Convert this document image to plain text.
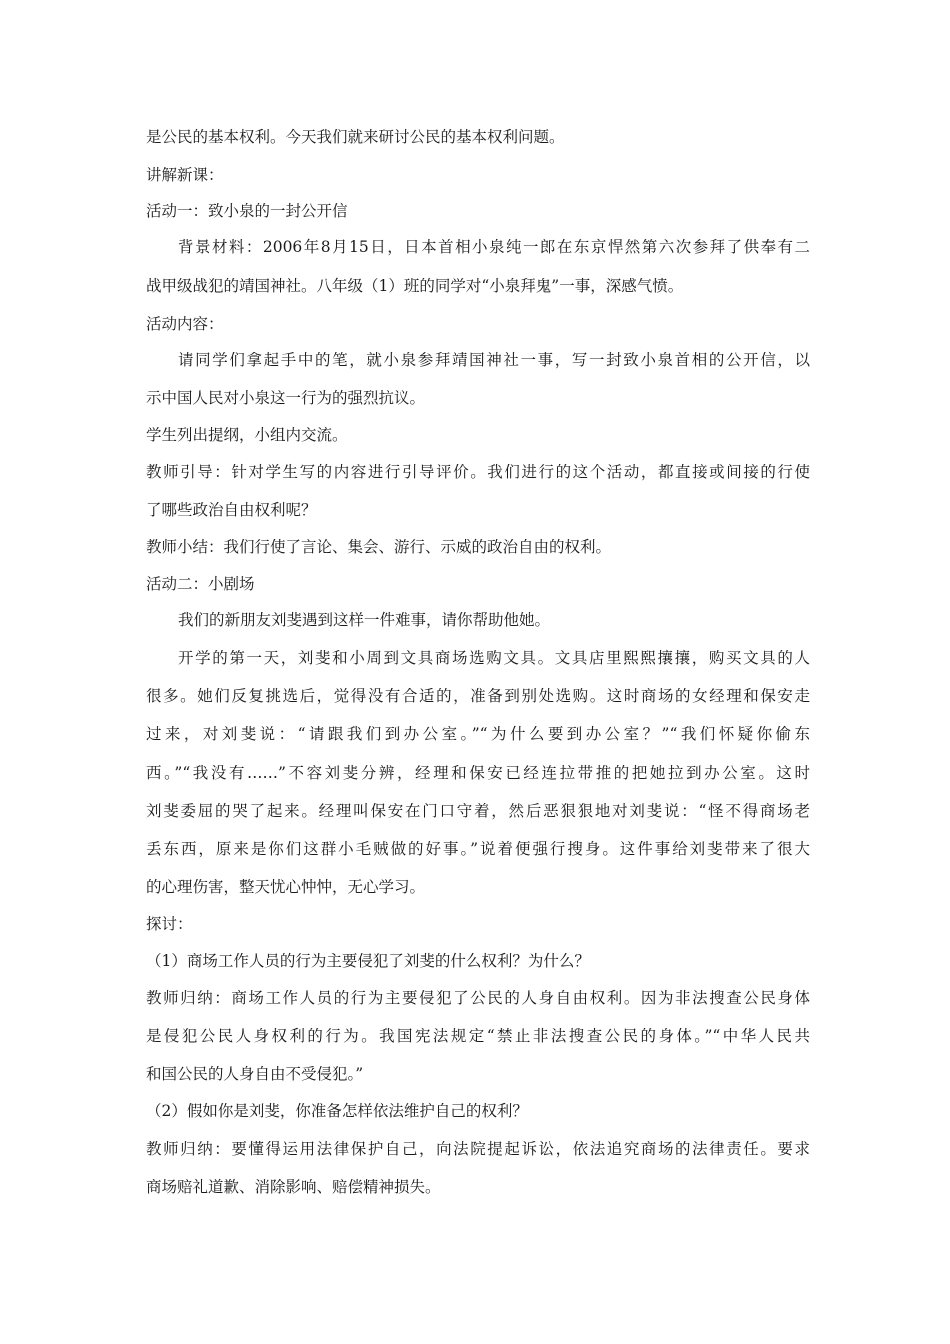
是公民的基本权利。今天我们就来研讨公民的基本权利问题。
讲解新课：
活动一：致小泉的一封公开信
背景材料：2006年8月15日，日本首相小泉纯一郎在东京悍然第六次参拜了供奉有二
战甲级战犯的靖国神社。八年级（1）班的同学对“小泉拜鬼”一事，深感气愤。
活动内容：
请同学们拿起手中的笔，就小泉参拜靖国神社一事，写一封致小泉首相的公开信，以
示中国人民对小泉这一行为的强烈抗议。
学生列出提纲，小组内交流。
教师引导：针对学生写的内容进行引导评价。我们进行的这个活动，都直接或间接的行使
了哪些政治自由权利呢？
教师小结：我们行使了言论、集会、游行、示威的政治自由的权利。
活动二：小剧场
我们的新朋友刘斐遇到这样一件难事，请你帮助他她。
开学的第一天，刘斐和小周到文具商场选购文具。文具店里熙熙攘攘，购买文具的人
很多。她们反复挑选后，觉得没有合适的，准备到别处选购。这时商场的女经理和保安走
过来，对刘斐说：“请跟我们到办公室。”“为什么要到办公室？”“我们怀疑你偷东
西。”“我没有……”不容刘斐分辨，经理和保安已经连拉带推的把她拉到办公室。这时
刘斐委屈的哭了起来。经理叫保安在门口守着，然后恶狠狠地对刘斐说：“怪不得商场老
丢东西，原来是你们这群小毛贼做的好事。”说着便强行搜身。这件事给刘斐带来了很大
的心理伤害，整天忧心忡忡，无心学习。
探讨：
（1）商场工作人员的行为主要侵犯了刘斐的什么权利？为什么？
教师归纳：商场工作人员的行为主要侵犯了公民的人身自由权利。因为非法搜查公民身体
是侵犯公民人身权利的行为。我国宪法规定“禁止非法搜查公民的身体。”“中华人民共
和国公民的人身自由不受侵犯。”
（2）假如你是刘斐，你准备怎样依法维护自己的权利？
教师归纳：要懂得运用法律保护自己，向法院提起诉讼，依法追究商场的法律责任。要求
商场赔礼道歉、消除影响、赔偿精神损失。
